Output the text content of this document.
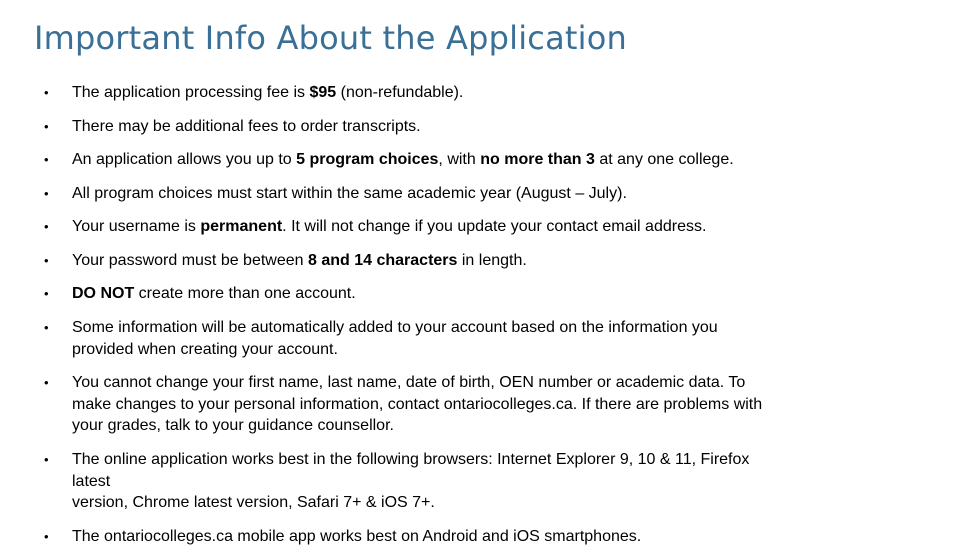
Important Info About the Application
• The application processing fee is $95 (non-refundable).
• There may be additional fees to order transcripts.
• An application allows you up to 5 program choices, with no more than 3 at any one college.
• All program choices must start within the same academic year (August – July).
• Your username is permanent. It will not change if you update your contact email address.
• Your password must be between 8 and 14 characters in length.
• DO NOT create more than one account.
• Some information will be automatically added to your account based on the information you
provided when creating your account.
• You cannot change your first name, last name, date of birth, OEN number or academic data. To
make changes to your personal information, contact ontariocolleges.ca. If there are problems with
your grades, talk to your guidance counsellor.
• The online application works best in the following browsers: Internet Explorer 9, 10 & 11, Firefox
latest
version, Chrome latest version, Safari 7+ & iOS 7+.
• The ontariocolleges.ca mobile app works best on Android and iOS smartphones.
